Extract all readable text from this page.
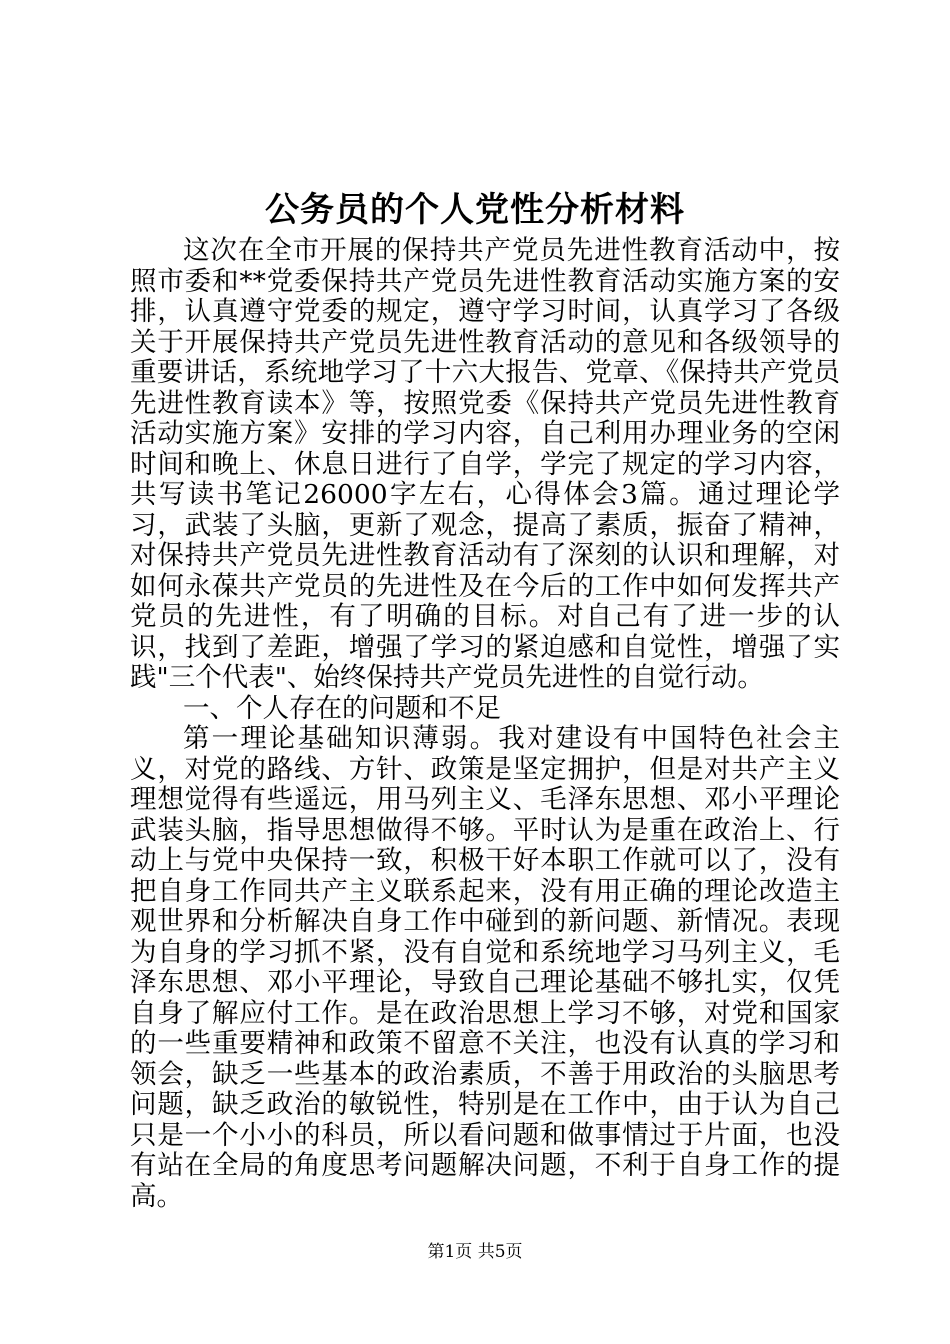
公务员的个人党性分析材料

这次在全市开展的保持共产党员先进性教育活动中，按照市委和**党委保持共产党员先进性教育活动实施方案的安排，认真遵守党委的规定，遵守学习时间，认真学习了各级关于开展保持共产党员先进性教育活动的意见和各级领导的重要讲话，系统地学习了十六大报告、党章、《保持共产党员先进性教育读本》等，按照党委《保持共产党员先进性教育活动实施方案》安排的学习内容，自己利用办理业务的空闲时间和晚上、休息日进行了自学，学完了规定的学习内容，共写读书笔记26000字左右，心得体会3篇。通过理论学习，武装了头脑，更新了观念，提高了素质，振奋了精神，对保持共产党员先进性教育活动有了深刻的认识和理解，对如何永葆共产党员的先进性及在今后的工作中如何发挥共产党员的先进性，有了明确的目标。对自己有了进一步的认识，找到了差距，增强了学习的紧迫感和自觉性，增强了实践"三个代表"、始终保持共产党员先进性的自觉行动。

一、个人存在的问题和不足

第一理论基础知识薄弱。我对建设有中国特色社会主义，对党的路线、方针、政策是坚定拥护，但是对共产主义理想觉得有些遥远，用马列主义、毛泽东思想、邓小平理论武装头脑，指导思想做得不够。平时认为是重在政治上、行动上与党中央保持一致，积极干好本职工作就可以了，没有把自身工作同共产主义联系起来，没有用正确的理论改造主观世界和分析解决自身工作中碰到的新问题、新情况。表现为自身的学习抓不紧，没有自觉和系统地学习马列主义，毛泽东思想、邓小平理论，导致自己理论基础不够扎实，仅凭自身了解应付工作。是在政治思想上学习不够，对党和国家的一些重要精神和政策不留意不关注，也没有认真的学习和领会，缺乏一些基本的政治素质，不善于用政治的头脑思考问题，缺乏政治的敏锐性，特别是在工作中，由于认为自己只是一个小小的科员，所以看问题和做事情过于片面，也没有站在全局的角度思考问题解决问题，不利于自身工作的提高。

第1页 共5页
